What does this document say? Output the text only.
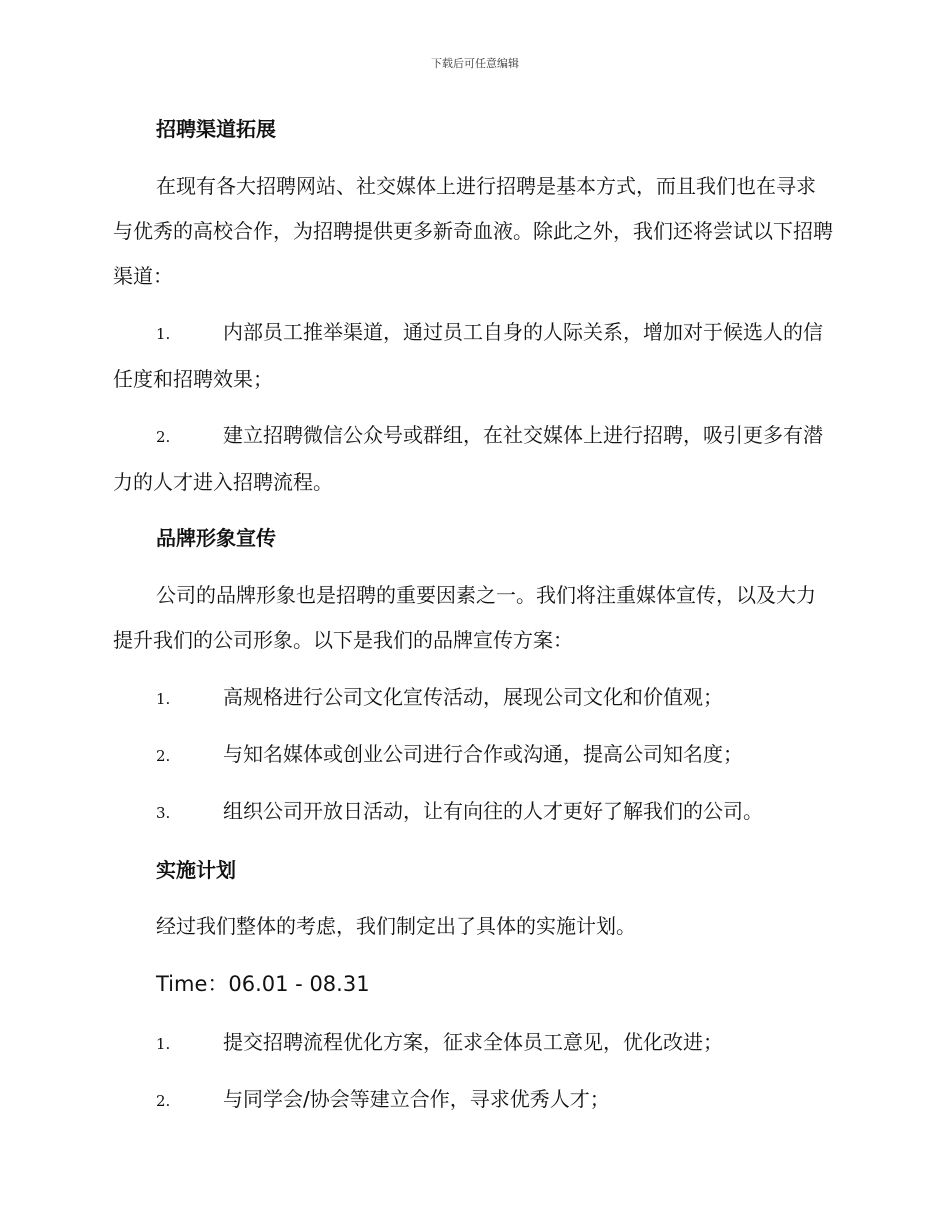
下载后可任意编辑
招聘渠道拓展
在现有各大招聘网站、社交媒体上进行招聘是基本方式，而且我们也在寻求与优秀的高校合作，为招聘提供更多新奇血液。除此之外，我们还将尝试以下招聘渠道：
1.	内部员工推举渠道，通过员工自身的人际关系，增加对于候选人的信任度和招聘效果；
2.	建立招聘微信公众号或群组，在社交媒体上进行招聘，吸引更多有潜力的人才进入招聘流程。
品牌形象宣传
公司的品牌形象也是招聘的重要因素之一。我们将注重媒体宣传，以及大力提升我们的公司形象。以下是我们的品牌宣传方案：
1.	高规格进行公司文化宣传活动，展现公司文化和价值观；
2.	与知名媒体或创业公司进行合作或沟通，提高公司知名度；
3.	组织公司开放日活动，让有向往的人才更好了解我们的公司。
实施计划
经过我们整体的考虑，我们制定出了具体的实施计划。
Time：06.01 - 08.31
1.	提交招聘流程优化方案，征求全体员工意见，优化改进；
2.	与同学会/协会等建立合作，寻求优秀人才；
